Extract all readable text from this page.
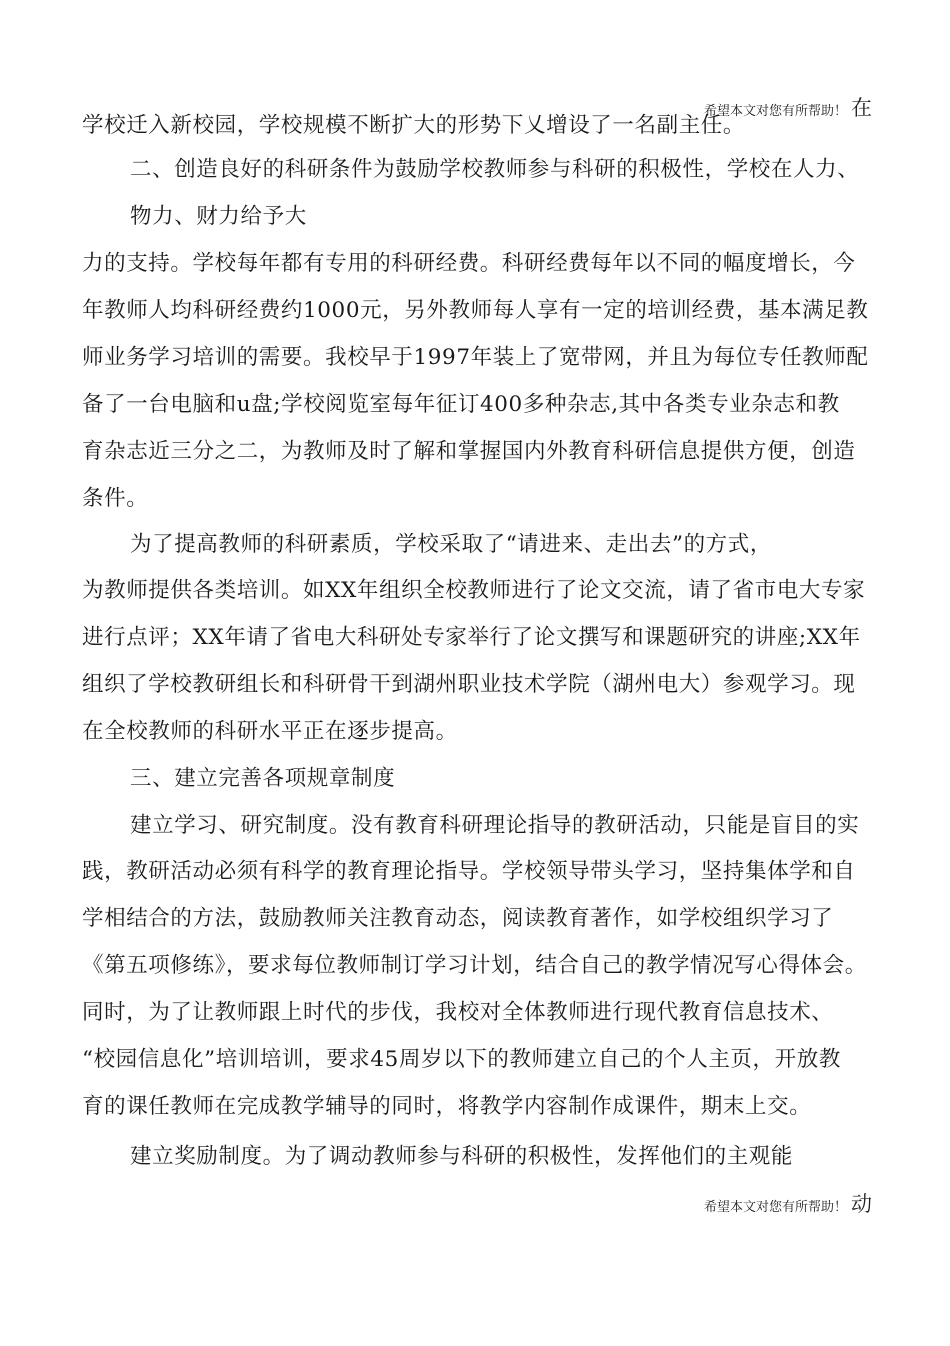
希望本文对您有所帮助！ 在
学校迁入新校园，学校规模不断扩大的形势下乂增设了一名副主任。
二、创造良好的科研条件为鼓励学校教师参与科研的积极性，学校在人力、
物力、财力给予大
力的支持。学校每年都有专用的科研经费。科研经费每年以不同的幅度增长，今
年教师人均科研经费约1000元，另外教师每人享有一定的培训经费，基本满足教
师业务学习培训的需要。我校早于1997年装上了宽带网，并且为每位专任教师配
备了一台电脑和u盘;学校阅览室每年征订400多种杂志,其中各类专业杂志和教
育杂志近三分之二，为教师及时了解和掌握国内外教育科研信息提供方便，创造
条件。
为了提高教师的科研素质，学校采取了“请进来、走出去”的方式，
为教师提供各类培训。如XX年组织全校教师进行了论文交流，请了省市电大专家
进行点评；XX年请了省电大科研处专家举行了论文撰写和课题研究的讲座;XX年
组织了学校教研组长和科研骨干到湖州职业技术学院（湖州电大）参观学习。现
在全校教师的科研水平正在逐步提高。
三、建立完善各项规章制度
建立学习、研究制度。没有教育科研理论指导的教研活动，只能是盲目的实
践，教研活动必须有科学的教育理论指导。学校领导带头学习，坚持集体学和自
学相结合的方法，鼓励教师关注教育动态，阅读教育著作，如学校组织学习了
《第五项修练》，要求每位教师制订学习计划，结合自己的教学情况写心得体会。
同时，为了让教师跟上时代的步伐，我校对全体教师进行现代教育信息技术、
“校园信息化”培训培训，要求45周岁以下的教师建立自己的个人主页，开放教
育的课任教师在完成教学辅导的同时，将教学内容制作成课件，期末上交。
建立奖励制度。为了调动教师参与科研的积极性，发挥他们的主观能
希望本文对您有所帮助！ 动
